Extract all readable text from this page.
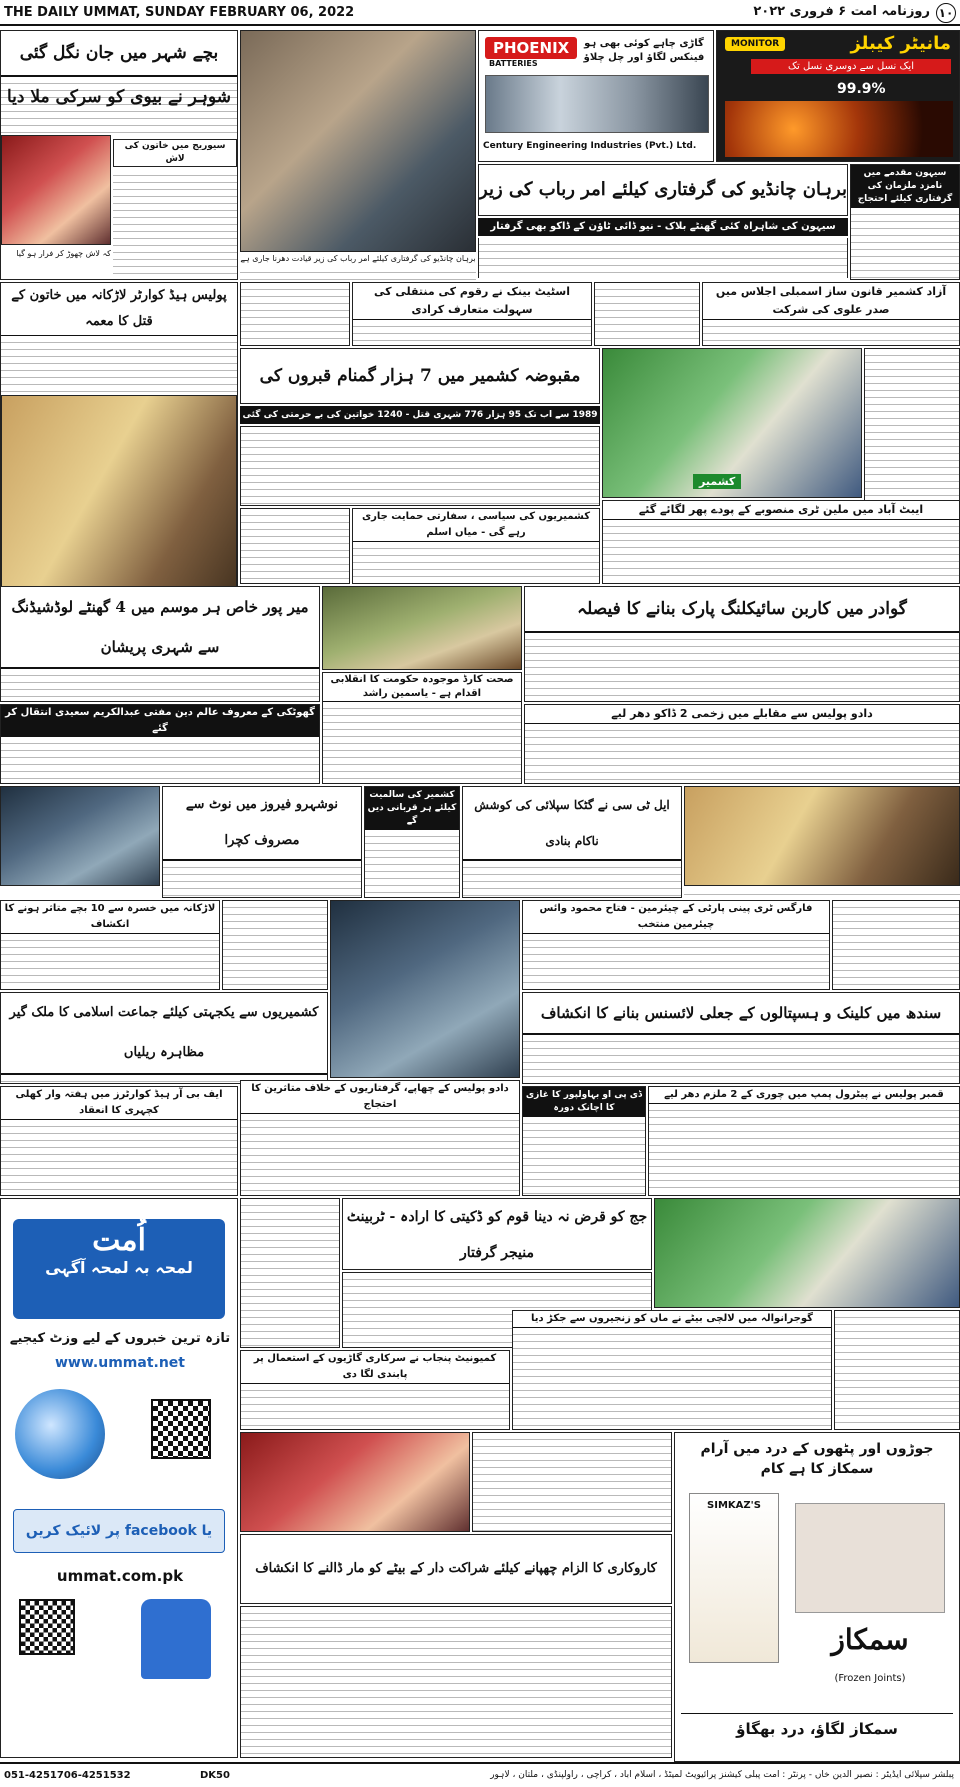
THE DAILY UMMAT, SUNDAY FEBRUARY 06, 2022	روزنامہ امت ۶ فروری ۲۰۲۲ ۱۰
بچے شہر میں جان نگل گئی شوہر نے بیوی کو سرکی ملا دیا
سیوریج میں خاتون کی لاش
کہ لاش چھوڑ کر فرار ہو گیا
PHOENIX
BATTERIES
گاڑی چاہے کوئی بھی ہو فینکس لگاؤ اور چل چلاؤ
Century Engineering Industries (Pvt.) Ltd.
MONITOR	مانیٹر کیبلز
ایک نسل سے دوسری نسل تک
99.9%
برہان چانڈیو کی گرفتاری کیلئے امر رباب کی زیر
سیہون کی شاہراہ کئی گھنٹے بلاک - نیو ڈائی ٹاؤن کے ڈاکو بھی گرفتار
سیہون مقدمے میں نامزد ملزمان کی گرفتاری کیلئے احتجاج
برہان چانڈیو کی گرفتاری کیلئے امر رباب کی زیر قیادت دھرنا جاری ہے
پولیس ہیڈ کوارٹر لاڑکانہ میں خاتون کے قتل کا معمہ
اسٹیٹ بینک نے رقوم کی منتقلی کی سہولت متعارف کرادی
آزاد کشمیر قانون ساز اسمبلی اجلاس میں صدر علوی کی شرکت
مقبوضہ کشمیر میں 7 ہزار گمنام قبروں کی
1989 سے اب تک 95 ہزار 776 شہری قتل - 1240 خواتین کی بے حرمتی کی گئی
کشمیر
کشمیریوں کی سیاسی ، سفارتی حمایت جاری رہے گی - میاں اسلم
ایبٹ آباد میں ملین ٹری منصوبے کے پودے پھر لگائے گئے
میر پور خاص ہر موسم میں 4 گھنٹے لوڈشیڈنگ سے شہری پریشان
گوادر میں کاربن سائیکلنگ پارک بنانے کا فیصلہ
گھوٹکی کے معروف عالم دین مفتی عبدالکریم سعیدی انتقال کر گئے
صحت کارڈ موجودہ حکومت کا انقلابی اقدام ہے - یاسمین راشد
دادو پولیس سے مقابلے میں زخمی 2 ڈاکو دھر لیے
نوشہرو فیروز میں نوٹ سے مصروف کچرا
کشمیر کی سالمیت کیلئے ہر قربانی دیں گے
ایل ٹی سی نے گٹکا سپلائی کی کوشش ناکام بنادی
لاڑکانہ میں خسرہ سے 10 بچے متاثر ہونے کا انکشاف
فارگس ٹری پینی پارٹی کے چیئرمین - فتاح محمود وائس چیئرمین منتخب
کشمیریوں سے یکجہتی کیلئے جماعت اسلامی کا ملک گیر مظاہرہ ریلیاں
سندھ میں کلینک و ہسپتالوں کے جعلی لائسنس بنانے کا انکشاف
ایف بی آر ہیڈ کوارٹرز میں ہفتہ وار کھلی کچہری کا انعقاد
دادو پولیس کے چھاپے، گرفتاریوں کے خلاف متاثرین کا احتجاج
ڈی پی او بہاولپور کا غازی کا اچانک دورہ
قمبر پولیس نے پیٹرول پمپ میں چوری کے 2 ملزم دھر لیے
اُمت
لمحہ بہ لمحہ آگہی
تازہ ترین خبروں کے لیے وزٹ کیجیے
www.ummat.net
یا facebook پر لائیک کریں
ummat.com.pk
جج کو قرض نہ دینا قوم کو ڈکیتی کا ارادہ - ٹربینٹ منیجر گرفتار
کمیونیٹ پنجاب نے سرکاری گاڑیوں کے استعمال پر پابندی لگا دی
گوجرانوالہ میں لالچی بیٹے نے ماں کو زنجیروں سے جکڑ دیا
جوڑوں اور پٹھوں کے درد میں آرام سمکاز کا ہے کام
SIMKAZ'S
سمکاز
(Frozen Joints)
سمکاز لگاؤ، درد بھگاؤ
کاروکاری کا الزام چھپانے کیلئے شراکت دار کے بیٹے کو مار ڈالنے کا انکشاف
051-4251706-4251532	DK50	پبلشر سپلائی ایڈیٹر : نصیر الدین خاں - پرنٹر : امت پبلی کیشنز پرائیویٹ لمیٹڈ ، اسلام آباد ، کراچی ، راولپنڈی ، ملتان ، لاہور
